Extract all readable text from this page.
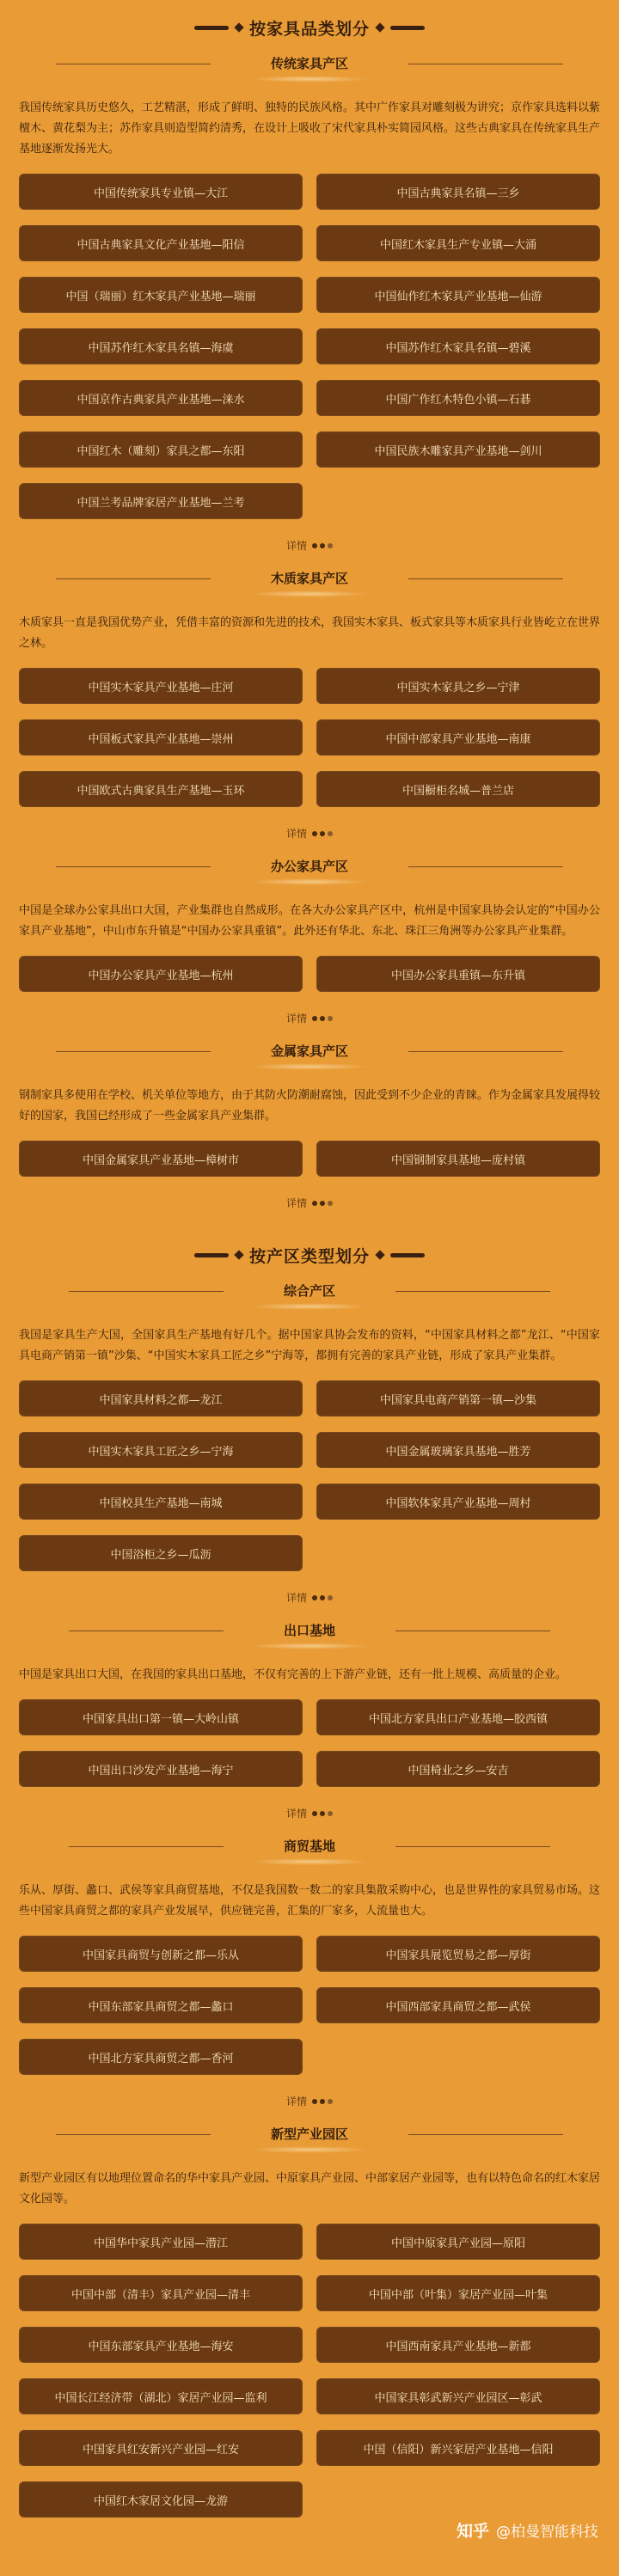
按家具品类划分
传统家具产区

我国传统家具历史悠久，工艺精湛，形成了鲜明、独特的民族风格。其中广作家具对雕刻极为讲究；京作家具选料以紫檀木、黄花梨为主；苏作家具则造型简约清秀，在设计上吸收了宋代家具朴实简园风格。这些古典家具在传统家具生产基地逐渐发扬光大。

中国传统家具专业镇—大江	中国古典家具名镇—三乡
中国古典家具文化产业基地—阳信	中国红木家具生产专业镇—大涌
中国（瑞丽）红木家具产业基地—瑞丽	中国仙作红木家具产业基地—仙游
中国苏作红木家具名镇—海虞	中国苏作红木家具名镇—碧溪
中国京作古典家具产业基地—涞水	中国广作红木特色小镇—石碁
中国红木（雕刻）家具之都—东阳	中国民族木雕家具产业基地—剑川
中国兰考品牌家居产业基地—兰考
详情
木质家具产区

木质家具一直是我国优势产业，凭借丰富的资源和先进的技术，我国实木家具、板式家具等木质家具行业皆屹立在世界之林。

中国实木家具产业基地—庄河	中国实木家具之乡—宁津
中国板式家具产业基地—崇州	中国中部家具产业基地—南康
中国欧式古典家具生产基地—玉环	中国橱柜名城—普兰店
详情
办公家具产区

中国是全球办公家具出口大国，产业集群也自然成形。在各大办公家具产区中，杭州是中国家具协会认定的“中国办公家具产业基地”，中山市东升镇是“中国办公家具重镇”。此外还有华北、东北、珠江三角洲等办公家具产业集群。

中国办公家具产业基地—杭州	中国办公家具重镇—东升镇
详情
金属家具产区

钢制家具多使用在学校、机关单位等地方，由于其防火防潮耐腐蚀，因此受到不少企业的青睐。作为金属家具发展得较好的国家，我国已经形成了一些金属家具产业集群。

中国金属家具产业基地—樟树市	中国钢制家具基地—庞村镇
详情
按产区类型划分
综合产区

我国是家具生产大国，全国家具生产基地有好几个。据中国家具协会发布的资料，“中国家具材料之都”龙江、“中国家具电商产销第一镇”沙集、“中国实木家具工匠之乡”宁海等，都拥有完善的家具产业链，形成了家具产业集群。

中国家具材料之都—龙江	中国家具电商产销第一镇—沙集
中国实木家具工匠之乡—宁海	中国金属玻璃家具基地—胜芳
中国校具生产基地—南城	中国软体家具产业基地—周村
中国浴柜之乡—瓜沥
详情
出口基地

中国是家具出口大国，在我国的家具出口基地，不仅有完善的上下游产业链，还有一批上规模、高质量的企业。

中国家具出口第一镇—大岭山镇	中国北方家具出口产业基地—胶西镇
中国出口沙发产业基地—海宁	中国椅业之乡—安吉
详情
商贸基地

乐从、厚街、蠡口、武侯等家具商贸基地，不仅是我国数一数二的家具集散采购中心，也是世界性的家具贸易市场。这些中国家具商贸之都的家具产业发展早，供应链完善，汇集的厂家多，人流量也大。

中国家具商贸与创新之都—乐从	中国家具展览贸易之都—厚街
中国东部家具商贸之都—蠡口	中国西部家具商贸之都—武侯
中国北方家具商贸之都—香河
详情
新型产业园区

新型产业园区有以地理位置命名的华中家具产业园、中原家具产业园、中部家居产业园等，也有以特色命名的红木家居文化园等。

中国华中家具产业园—潜江	中国中原家具产业园—原阳
中国中部（清丰）家具产业园—清丰	中国中部（叶集）家居产业园—叶集
中国东部家具产业基地—海安	中国西南家具产业基地—新都
中国长江经济带（湖北）家居产业园—监利	中国家具彰武新兴产业园区—彰武
中国家具红安新兴产业园—红安	中国（信阳）新兴家居产业基地—信阳
中国红木家居文化园—龙游
知乎 @柏曼智能科技
